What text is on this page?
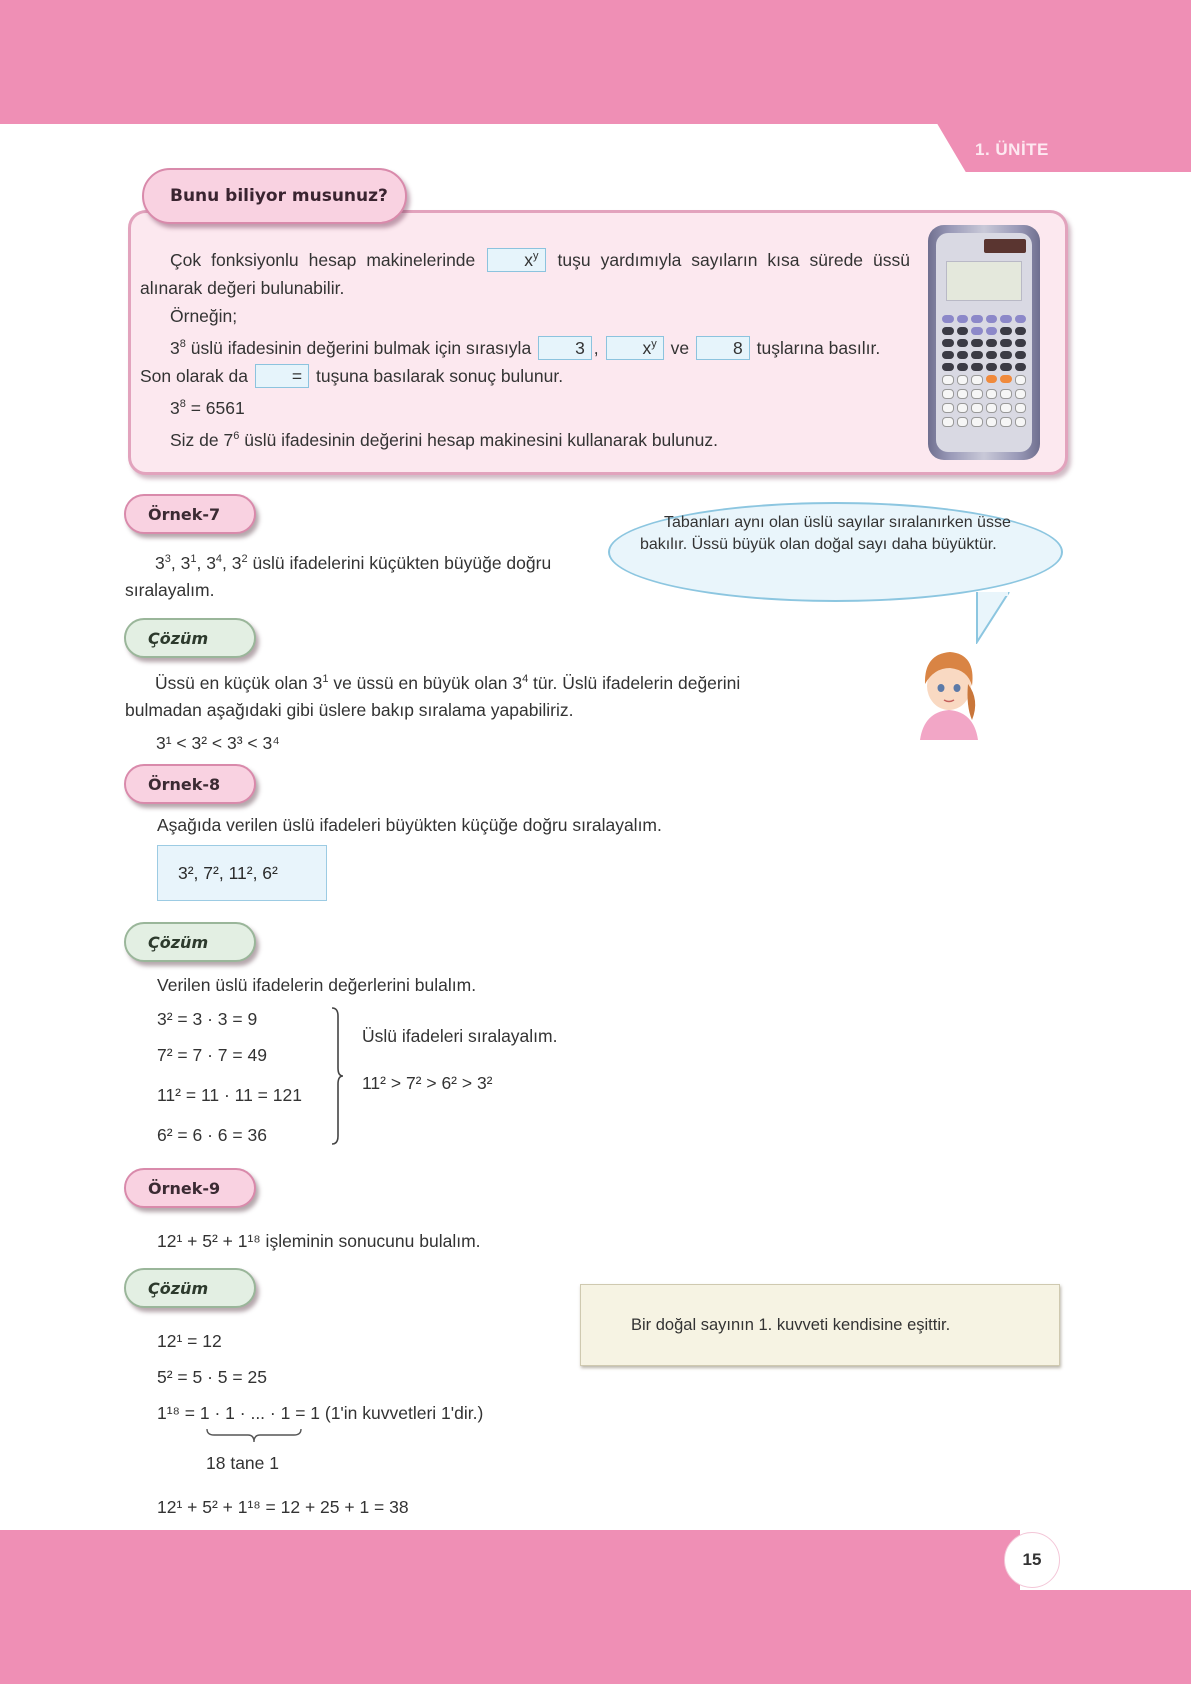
1. ÜNİTE
Bunu biliyor musunuz?

Çok fonksiyonlu hesap makinelerinde	$x^y$ tuşu yardımıyla sayıların kısa sürede üssü alınarak değeri bulunabilir.

Örneğin;

$3^8$ üslü ifadesinin değerini bulmak için sırasıyla	3 ,	$x^y$ ve	8 tuşlarına basılır. Son olarak da	= tuşuna basılarak sonuç bulunur.

$3^8 = 6561$

Siz de $7^6$ üslü ifadesinin değerini hesap makinesini kullanarak bulunuz.

Örnek-7
$3^3$, $3^1$, $3^4$, $3^2$ üslü ifadelerini küçükten büyüğe doğru sıralayalım.
Tabanları aynı olan üslü sayılar sıralanırken üsse bakılır. Üssü büyük olan doğal sayı daha büyüktür.
Çözüm
Üssü en küçük olan $3^1$ ve üssü en büyük olan $3^4$ tür. Üslü ifadelerin değerini bulmadan aşağıdaki gibi üslere bakıp sıralama yapabiliriz.
3¹ < 3² < 3³ < 3⁴
Örnek-8
Aşağıda verilen üslü ifadeleri büyükten küçüğe doğru sıralayalım.
3², 7², 11², 6²
Çözüm
Verilen üslü ifadelerin değerlerini bulalım.
3² = 3 · 3 = 9
7² = 7 · 7 = 49
11² = 11 · 11 = 121
6² = 6 · 6 = 36
Üslü ifadeleri sıralayalım.
11² > 7² > 6² > 3²
Örnek-9
12¹ + 5² + 1¹⁸ işleminin sonucunu bulalım.
Çözüm
12¹ = 12
5² = 5 · 5 = 25
1¹⁸ = 1 · 1 · ... · 1 = 1 (1'in kuvvetleri 1'dir.)
18 tane 1
12¹ + 5² + 1¹⁸ = 12 + 25 + 1 = 38
Bir doğal sayının 1. kuvveti kendisine eşittir.
15
